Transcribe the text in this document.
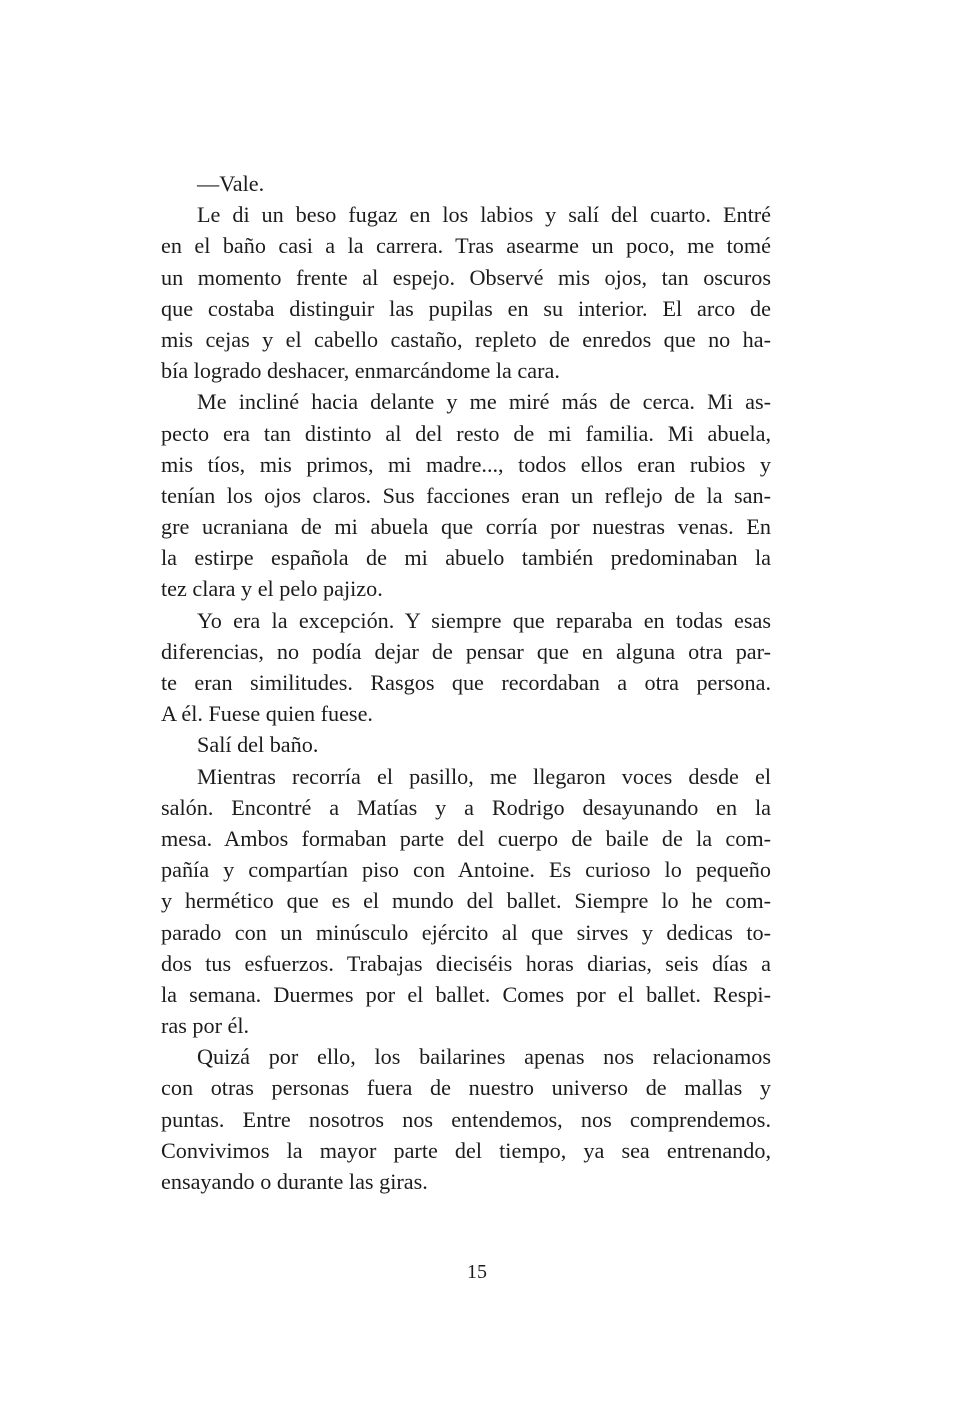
—Vale.
Le di un beso fugaz en los labios y salí del cuarto. Entré
en el baño casi a la carrera. Tras asearme un poco, me tomé
un momento frente al espejo. Observé mis ojos, tan oscuros
que costaba distinguir las pupilas en su interior. El arco de
mis cejas y el cabello castaño, repleto de enredos que no ha-
bía logrado deshacer, enmarcándome la cara.
Me incliné hacia delante y me miré más de cerca. Mi as-
pecto era tan distinto al del resto de mi familia. Mi abuela,
mis tíos, mis primos, mi madre..., todos ellos eran rubios y
tenían los ojos claros. Sus facciones eran un reflejo de la san-
gre ucraniana de mi abuela que corría por nuestras venas. En
la estirpe española de mi abuelo también predominaban la
tez clara y el pelo pajizo.
Yo era la excepción. Y siempre que reparaba en todas esas
diferencias, no podía dejar de pensar que en alguna otra par-
te eran similitudes. Rasgos que recordaban a otra persona.
A él. Fuese quien fuese.
Salí del baño.
Mientras recorría el pasillo, me llegaron voces desde el
salón. Encontré a Matías y a Rodrigo desayunando en la
mesa. Ambos formaban parte del cuerpo de baile de la com-
pañía y compartían piso con Antoine. Es curioso lo pequeño
y hermético que es el mundo del ballet. Siempre lo he com-
parado con un minúsculo ejército al que sirves y dedicas to-
dos tus esfuerzos. Trabajas dieciséis horas diarias, seis días a
la semana. Duermes por el ballet. Comes por el ballet. Respi-
ras por él.
Quizá por ello, los bailarines apenas nos relacionamos
con otras personas fuera de nuestro universo de mallas y
puntas. Entre nosotros nos entendemos, nos comprendemos.
Convivimos la mayor parte del tiempo, ya sea entrenando,
ensayando o durante las giras.
15
